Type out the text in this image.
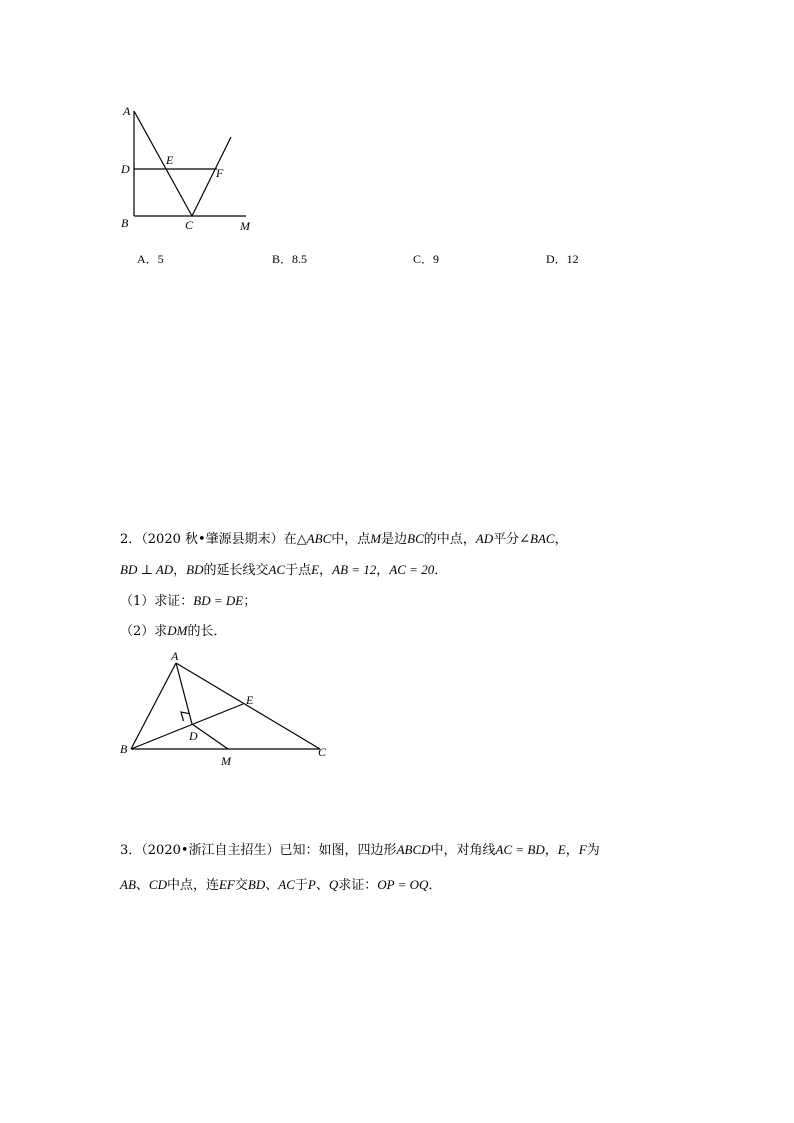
A
D
E
F
B	C	M
A．5	B．8.5	C．9	D．12
2．（2020 秋•肇源县期末）在△ABC中，点M是边BC的中点，AD平分∠BAC，
BD ⊥ AD，BD的延长线交AC于点E，AB = 12，AC = 20．
（1）求证：BD = DE；
（2）求DM的长．
A
E
D
B
M
C
3．（2020•浙江自主招生）已知：如图，四边形ABCD中，对角线AC = BD，E，F为
AB、CD中点，连EF交BD、AC于P、Q求证：OP = OQ．
